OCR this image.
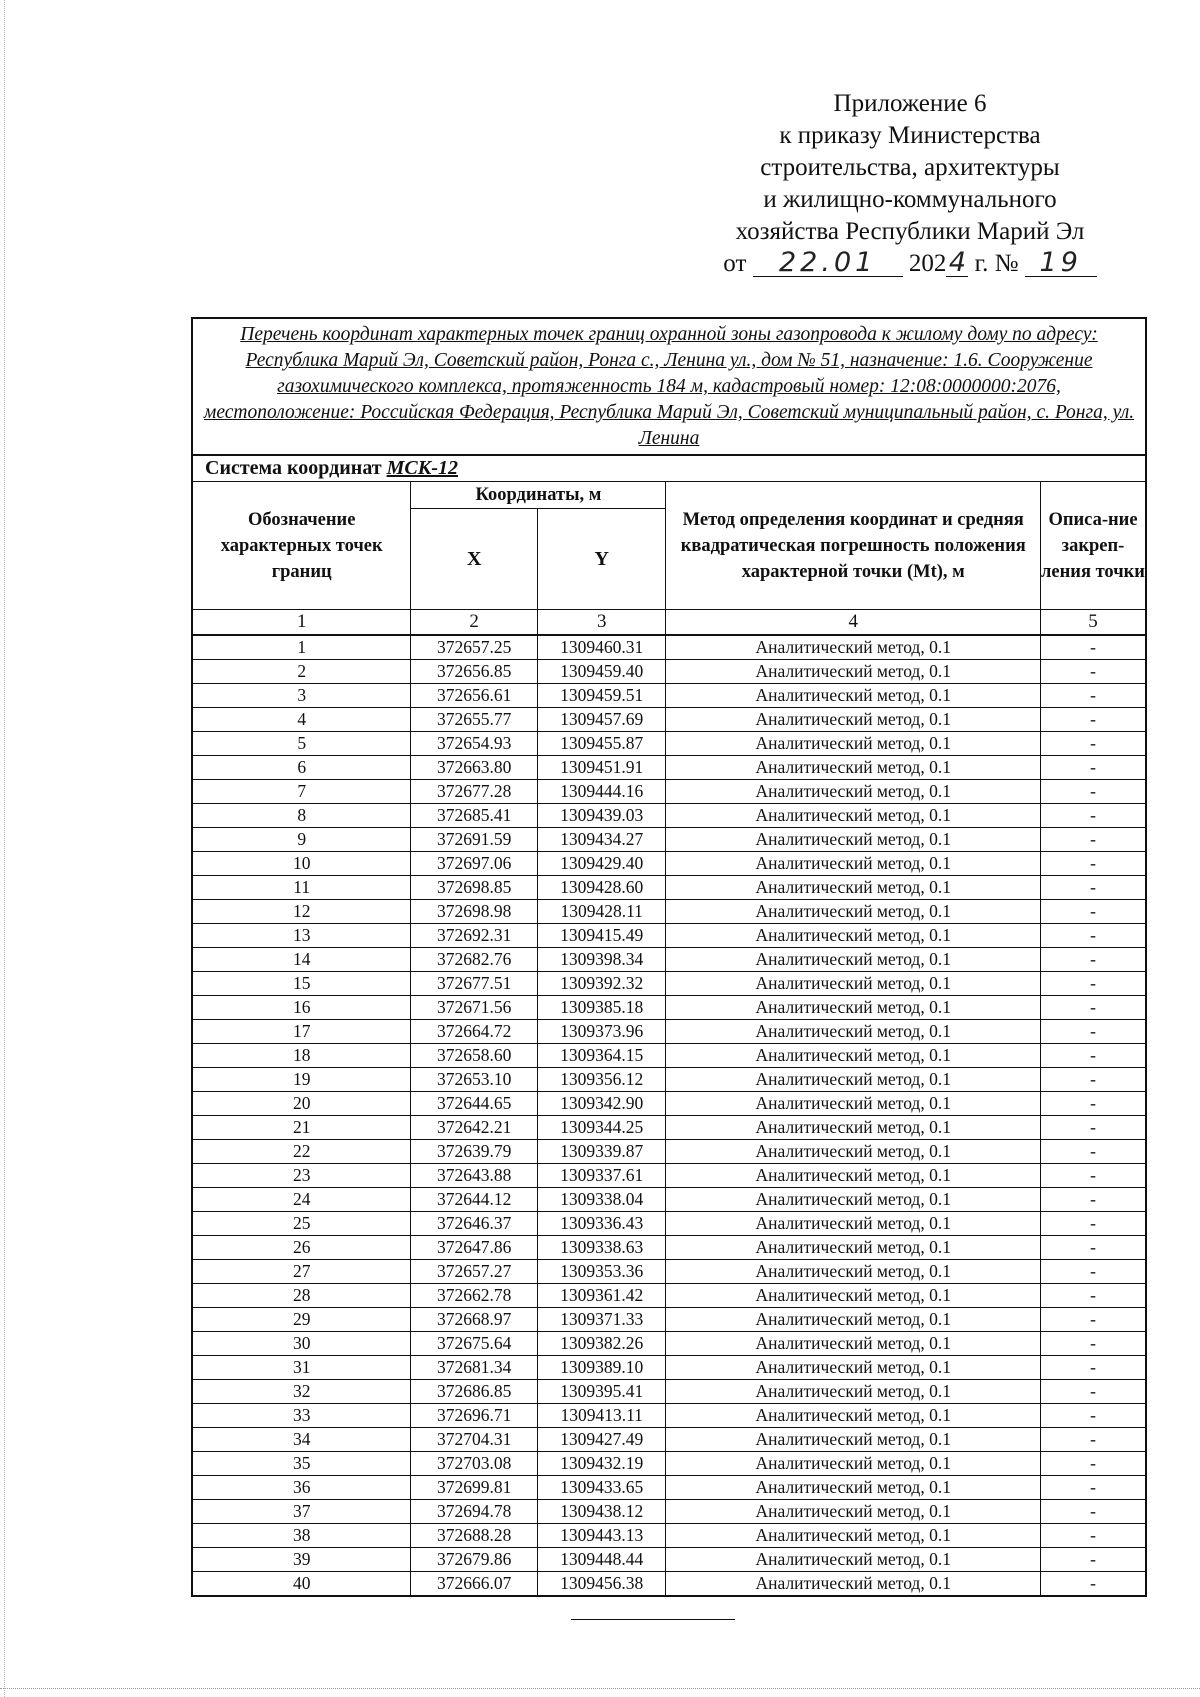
Приложение 6
к приказу Министерства
строительства, архитектуры
и жилищно-коммунального
хозяйства Республики Марий Эл
от 22.01 2024 г. № 19
Перечень координат характерных точек границ охранной зоны газопровода к жилому дому по адресу: Республика Марий Эл, Советский район, Ронга с., Ленина ул., дом № 51, назначение: 1.6. Сооружение газохимического комплекса, протяженность 184 м, кадастровый номер: 12:08:0000000:2076, местоположение: Российская Федерация, Республика Марий Эл, Советский муниципальный район, с. Ронга, ул. Ленина
Система координат МСК-12
Обозначение характерных точек границ	Координаты, м		Метод определения координат и средняя квадратическая погрешность положения характерной точки (Mt), м	Описа-ние закреп-ления точки
	X	Y		
1	2	3	4	5
1	372657.25	1309460.31	Аналитический метод, 0.1	-
2	372656.85	1309459.40	Аналитический метод, 0.1	-
3	372656.61	1309459.51	Аналитический метод, 0.1	-
4	372655.77	1309457.69	Аналитический метод, 0.1	-
5	372654.93	1309455.87	Аналитический метод, 0.1	-
6	372663.80	1309451.91	Аналитический метод, 0.1	-
7	372677.28	1309444.16	Аналитический метод, 0.1	-
8	372685.41	1309439.03	Аналитический метод, 0.1	-
9	372691.59	1309434.27	Аналитический метод, 0.1	-
10	372697.06	1309429.40	Аналитический метод, 0.1	-
11	372698.85	1309428.60	Аналитический метод, 0.1	-
12	372698.98	1309428.11	Аналитический метод, 0.1	-
13	372692.31	1309415.49	Аналитический метод, 0.1	-
14	372682.76	1309398.34	Аналитический метод, 0.1	-
15	372677.51	1309392.32	Аналитический метод, 0.1	-
16	372671.56	1309385.18	Аналитический метод, 0.1	-
17	372664.72	1309373.96	Аналитический метод, 0.1	-
18	372658.60	1309364.15	Аналитический метод, 0.1	-
19	372653.10	1309356.12	Аналитический метод, 0.1	-
20	372644.65	1309342.90	Аналитический метод, 0.1	-
21	372642.21	1309344.25	Аналитический метод, 0.1	-
22	372639.79	1309339.87	Аналитический метод, 0.1	-
23	372643.88	1309337.61	Аналитический метод, 0.1	-
24	372644.12	1309338.04	Аналитический метод, 0.1	-
25	372646.37	1309336.43	Аналитический метод, 0.1	-
26	372647.86	1309338.63	Аналитический метод, 0.1	-
27	372657.27	1309353.36	Аналитический метод, 0.1	-
28	372662.78	1309361.42	Аналитический метод, 0.1	-
29	372668.97	1309371.33	Аналитический метод, 0.1	-
30	372675.64	1309382.26	Аналитический метод, 0.1	-
31	372681.34	1309389.10	Аналитический метод, 0.1	-
32	372686.85	1309395.41	Аналитический метод, 0.1	-
33	372696.71	1309413.11	Аналитический метод, 0.1	-
34	372704.31	1309427.49	Аналитический метод, 0.1	-
35	372703.08	1309432.19	Аналитический метод, 0.1	-
36	372699.81	1309433.65	Аналитический метод, 0.1	-
37	372694.78	1309438.12	Аналитический метод, 0.1	-
38	372688.28	1309443.13	Аналитический метод, 0.1	-
39	372679.86	1309448.44	Аналитический метод, 0.1	-
40	372666.07	1309456.38	Аналитический метод, 0.1	-
